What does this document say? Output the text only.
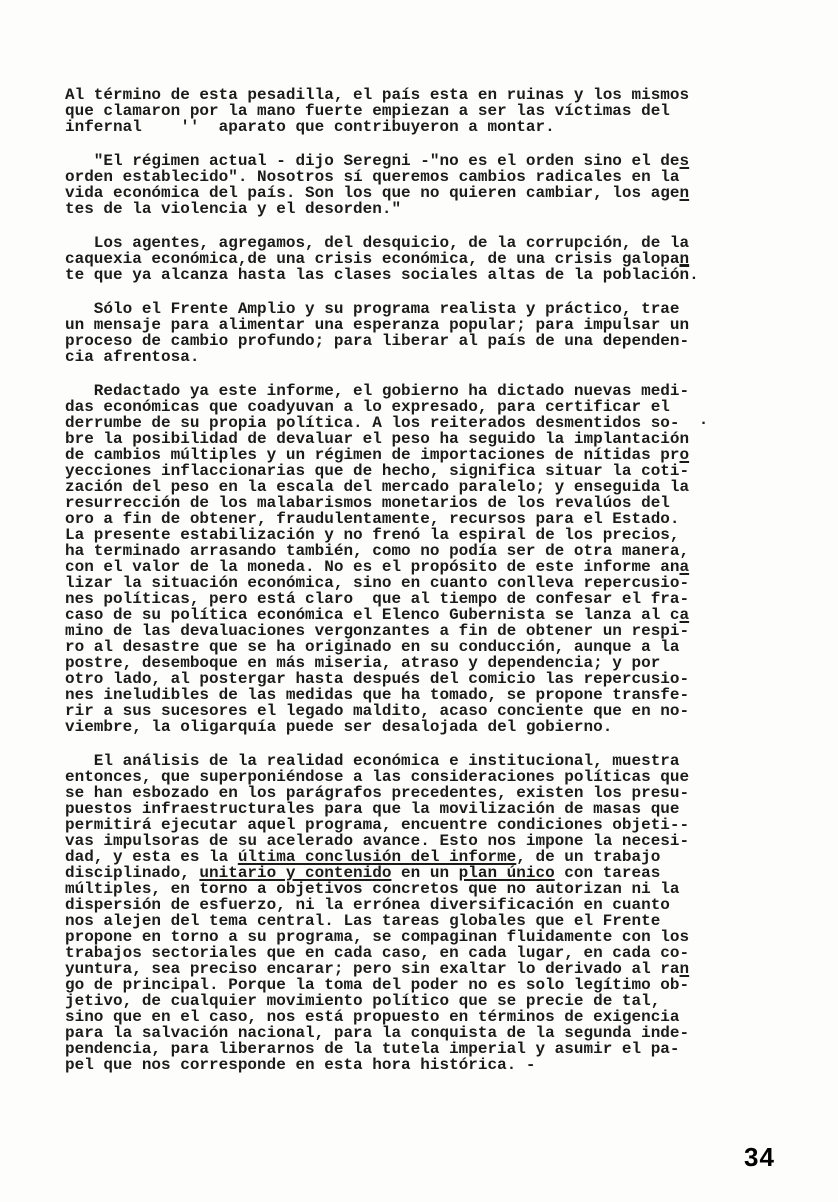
Al término de esta pesadilla, el país esta en ruinas y los mismos
que clamaron por la mano fuerte empiezan a ser las víctimas del
infernal    ''  aparato que contribuyeron a montar.
"El régimen actual - dijo Seregni -"no es el orden sino el des
orden establecido". Nosotros sí queremos cambios radicales en la
vida económica del país. Son los que no quieren cambiar, los agen
tes de la violencia y el desorden."
Los agentes, agregamos, del desquicio, de la corrupción, de la
caquexia económica,de una crisis económica, de una crisis galopan
te que ya alcanza hasta las clases sociales altas de la $població\overline{n}$.
Sólo el Frente Amplio y su programa realista y práctico, trae
un mensaje para alimentar una esperanza popular; para impulsar un
proceso de cambio profundo; para liberar al país de una dependen-
cia afrentosa.
Redactado ya este informe, el gobierno ha dictado nuevas medi-
das económicas que coadyuvan a lo expresado, para certificar el
derrumbe de su propia política. A los reiterados desmentidos so-  ·
bre la posibilidad de devaluar el peso ha seguido la implantación
de cambios múltiples y un régimen de importaciones de nítidas pro
yecciones inflaccionarias que de hecho, significa situar la coti-
zación del peso en la escala del mercado paralelo; y enseguida la
resurrección de los malabarismos monetarios de los revalúos del
oro a fin de obtener, fraudulentamente, recursos para el Estado.
La presente estabilización y no frenó la espiral de los precios,
ha terminado arrasando también, como no podía ser de otra manera,
con el valor de la moneda. No es el propósito de este informe ana
lizar la situación económica, sino en cuanto conlleva repercusio-
nes políticas, pero está claro  que al tiempo de confesar el fra-
caso de su política económica el Elenco Gubernista se lanza al ca
mino de las devaluaciones vergonzantes a fin de obtener un respi-
ro al desastre que se ha originado en su conducción, aunque a la
postre, desemboque en más miseria, atraso y dependencia; y por
otro lado, al postergar hasta después del comicio las repercusio-
nes ineludibles de las medidas que ha tomado, se propone transfe-
rir a sus sucesores el legado maldito, acaso conciente que en no-
viembre, la oligarquía puede ser desalojada del gobierno.
El análisis de la realidad económica e institucional, muestra
entonces, que superponiéndose a las consideraciones políticas que
se han esbozado en los parágrafos precedentes, existen los presu-
puestos infraestructurales para que la movilización de masas que
permitirá ejecutar aquel programa, encuentre condiciones objeti--
vas impulsoras de su acelerado avance. Esto nos impone la necesi-
dad, y esta es la última conclusión del informe, de un trabajo
disciplinado, unitario y contenido en un plan único con tareas
múltiples, en torno a objetivos concretos que no autorizan ni la
dispersión de esfuerzo, ni la errónea diversificación en cuanto
nos alejen del tema central. Las tareas globales que el Frente
propone en torno a su programa, se compaginan fluidamente con los
trabajos sectoriales que en cada caso, en cada lugar, en cada co-
yuntura, sea preciso encarar; pero sin exaltar lo derivado al ran
go de principal. Porque la toma del poder no es solo legítimo ob-
jetivo, de cualquier movimiento político que se precie de tal,
sino que en el caso, nos está propuesto en términos de exigencia
para la salvación nacional, para la conquista de la segunda inde-
pendencia, para liberarnos de la tutela imperial y asumir el pa-
pel que nos corresponde en esta hora histórica. -
34
